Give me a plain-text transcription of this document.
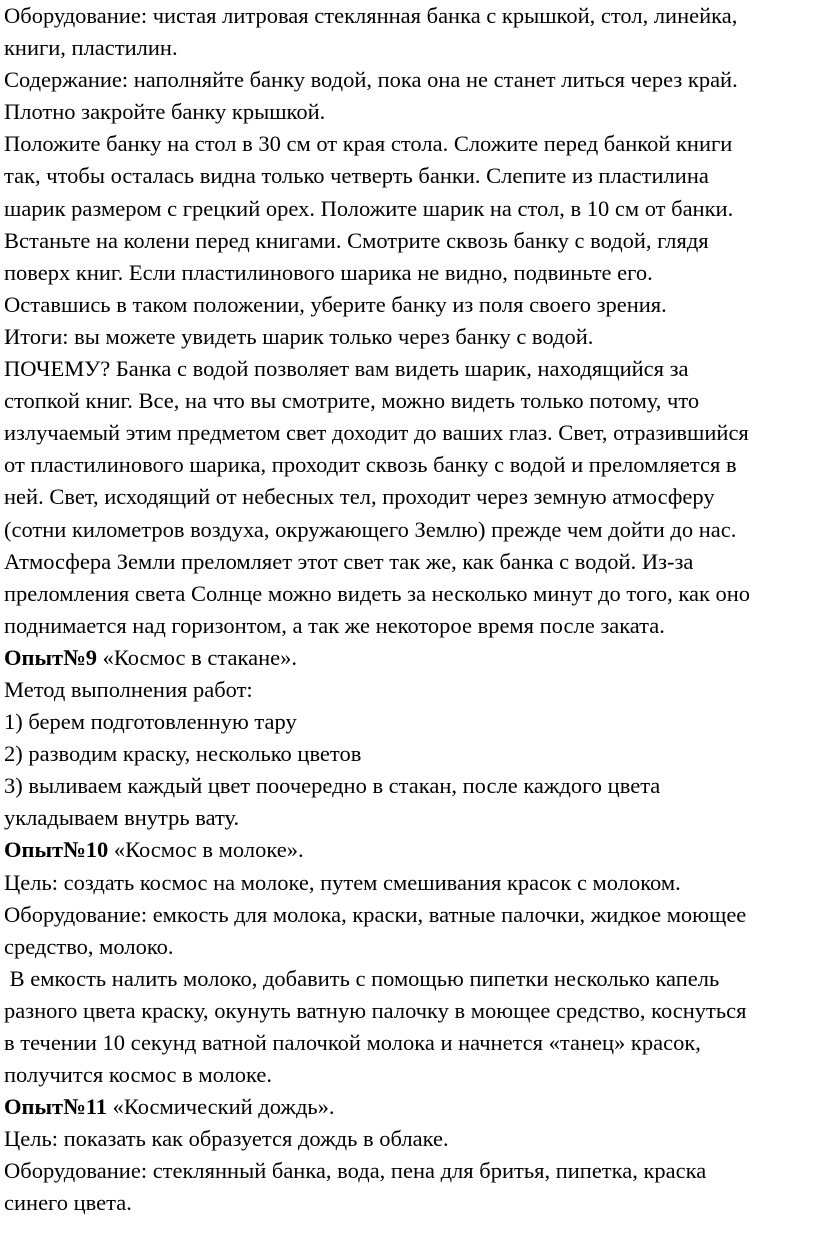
Оборудование: чистая литровая стеклянная банка с крышкой, стол, линейка,

книги, пластилин.

Содержание: наполняйте банку водой, пока она не станет литься через край.

Плотно закройте банку крышкой.

Положите банку на стол в 30 см от края стола. Сложите перед банкой книги

так, чтобы осталась видна только четверть банки. Слепите из пластилина

шарик размером с грецкий орех. Положите шарик на стол, в 10 см от банки.

Встаньте на колени перед книгами. Смотрите сквозь банку с водой, глядя

поверх книг. Если пластилинового шарика не видно, подвиньте его.

Оставшись в таком положении, уберите банку из поля своего зрения.

Итоги: вы можете увидеть шарик только через банку с водой.

ПОЧЕМУ? Банка с водой позволяет вам видеть шарик, находящийся за

стопкой книг. Все, на что вы смотрите, можно видеть только потому, что

излучаемый этим предметом свет доходит до ваших глаз. Свет, отразившийся

от пластилинового шарика, проходит сквозь банку с водой и преломляется в

ней. Свет, исходящий от небесных тел, проходит через земную атмосферу

(сотни километров воздуха, окружающего Землю) прежде чем дойти до нас.

Атмосфера Земли преломляет этот свет так же, как банка с водой. Из-за

преломления света Солнце можно видеть за несколько минут до того, как оно

поднимается над горизонтом, а так же некоторое время после заката.

Опыт№9 «Космос в стакане».

Метод выполнения работ:

1) берем подготовленную тару

2) разводим краску, несколько цветов

3) выливаем каждый цвет поочередно в стакан, после каждого цвета

укладываем внутрь вату.

Опыт№10 «Космос в молоке».

Цель: создать космос на молоке, путем смешивания красок с молоком.

Оборудование: емкость для молока, краски, ватные палочки, жидкое моющее

средство, молоко.

В емкость налить молоко, добавить с помощью пипетки несколько капель

разного цвета краску, окунуть ватную палочку в моющее средство, коснуться

в течении 10 секунд ватной палочкой молока и начнется «танец» красок,

получится космос в молоке.

Опыт№11 «Космический дождь».

Цель: показать как образуется дождь в облаке.

Оборудование: стеклянный банка, вода, пена для бритья, пипетка, краска

синего цвета.
